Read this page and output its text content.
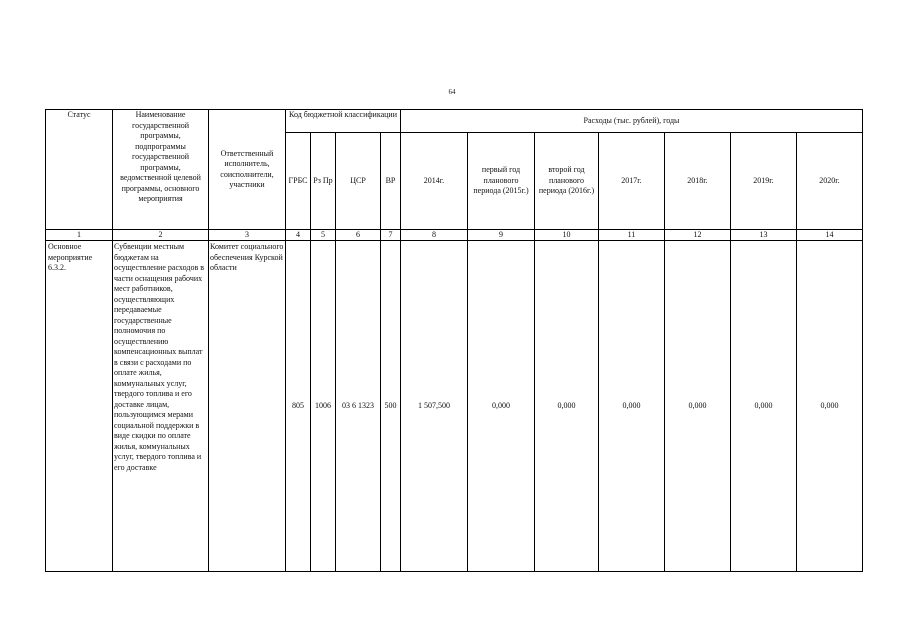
64
Статус	Наименование государственной программы, подпрограммы государственной программы, ведомственной целевой программы, основного мероприятия	Ответственный исполнитель, соисполнители, участники	Код бюджетной классификации				Расходы (тыс. рублей), годы						
			ГРБС	Рз Пр	ЦСР	ВР	2014г.	первый год планового периода (2015г.)	второй год планового периода (2016г.)	2017г.	2018г.	2019г.	2020г.
1	2	3	4	5	6	7	8	9	10	11	12	13	14
Основное мероприятие 6.3.2.	Субвенции местным бюджетам на осуществление расходов в части оснащения рабочих мест работников, осуществляющих передаваемые государственные полномочия по осуществлению компенсационных выплат в связи с расходами по оплате жилья, коммунальных услуг, твердого топлива и его доставке лицам, пользующимся мерами социальной поддержки в виде скидки по оплате жилья, коммунальных услуг, твердого топлива и его доставке	Комитет социального обеспечения Курской области	805	1006	03 6 1323	500	1 507,500	0,000	0,000	0,000	0,000	0,000	0,000
